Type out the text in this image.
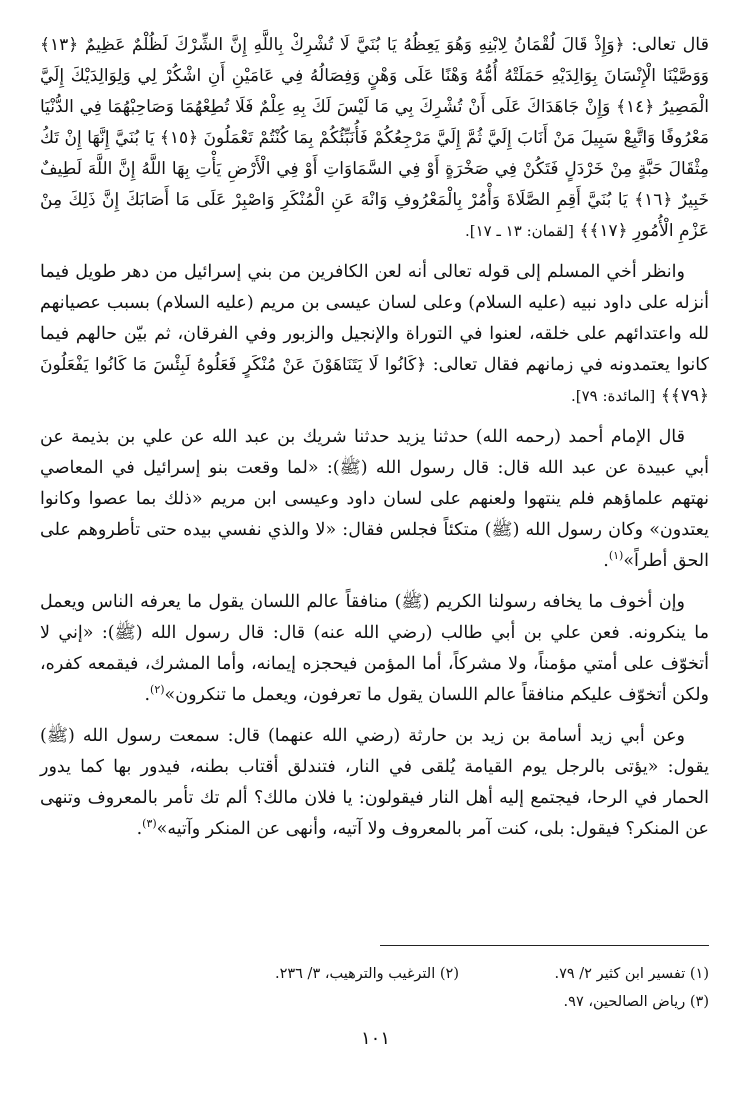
قال تعالى: ﴿وَإِذْ قَالَ لُقْمَانُ لِابْنِهِ وَهُوَ يَعِظُهُ يَا بُنَيَّ لَا تُشْرِكْ بِاللَّهِ إِنَّ الشِّرْكَ لَظُلْمٌ عَظِيمٌ ﴿١٣﴾ وَوَصَّيْنَا الْإِنْسَانَ بِوَالِدَيْهِ حَمَلَتْهُ أُمُّهُ وَهْنًا عَلَى وَهْنٍ وَفِصَالُهُ فِي عَامَيْنِ أَنِ اشْكُرْ لِي وَلِوَالِدَيْكَ إِلَيَّ الْمَصِيرُ ﴿١٤﴾ وَإِنْ جَاهَدَاكَ عَلَى أَنْ تُشْرِكَ بِي مَا لَيْسَ لَكَ بِهِ عِلْمٌ فَلَا تُطِعْهُمَا وَصَاحِبْهُمَا فِي الدُّنْيَا مَعْرُوفًا وَاتَّبِعْ سَبِيلَ مَنْ أَنَابَ إِلَيَّ ثُمَّ إِلَيَّ مَرْجِعُكُمْ فَأُنَبِّئُكُمْ بِمَا كُنْتُمْ تَعْمَلُونَ ﴿١٥﴾ يَا بُنَيَّ إِنَّهَا إِنْ تَكُ مِثْقَالَ حَبَّةٍ مِنْ خَرْدَلٍ فَتَكُنْ فِي صَخْرَةٍ أَوْ فِي السَّمَاوَاتِ أَوْ فِي الْأَرْضِ يَأْتِ بِهَا اللَّهُ إِنَّ اللَّهَ لَطِيفٌ خَبِيرٌ ﴿١٦﴾ يَا بُنَيَّ أَقِمِ الصَّلَاةَ وَأْمُرْ بِالْمَعْرُوفِ وَانْهَ عَنِ الْمُنْكَرِ وَاصْبِرْ عَلَى مَا أَصَابَكَ إِنَّ ذَلِكَ مِنْ عَزْمِ الْأُمُورِ ﴿١٧﴾﴾ [لقمان: ١٣ ـ ١٧].

وانظر أخي المسلم إلى قوله تعالى أنه لعن الكافرين من بني إسرائيل من دهر طويل فيما أنزله على داود نبيه (عليه السلام) وعلى لسان عيسى بن مريم (عليه السلام) بسبب عصيانهم لله واعتدائهم على خلقه، لعنوا في التوراة والإنجيل والزبور وفي الفرقان، ثم بيّن حالهم فيما كانوا يعتمدونه في زمانهم فقال تعالى: ﴿كَانُوا لَا يَتَنَاهَوْنَ عَنْ مُنْكَرٍ فَعَلُوهُ لَبِئْسَ مَا كَانُوا يَفْعَلُونَ ﴿٧٩﴾﴾ [المائدة: ٧٩].

قال الإمام أحمد (رحمه الله) حدثنا يزيد حدثنا شريك بن عبد الله عن علي بن بذيمة عن أبي عبيدة عن عبد الله قال: قال رسول الله (ﷺ): «لما وقعت بنو إسرائيل في المعاصي نهتهم علماؤهم فلم ينتهوا ولعنهم على لسان داود وعيسى ابن مريم «ذلك بما عصوا وكانوا يعتدون» وكان رسول الله (ﷺ) متكئاً فجلس فقال: «لا والذي نفسي بيده حتى تأطروهم على الحق أطراً»$^{(١)}$.

وإن أخوف ما يخافه رسولنا الكريم (ﷺ) منافقاً عالم اللسان يقول ما يعرفه الناس ويعمل ما ينكرونه. فعن علي بن أبي طالب (رضي الله عنه) قال: قال رسول الله (ﷺ): «إني لا أتخوّف على أمتي مؤمناً، ولا مشركاً، أما المؤمن فيحجزه إيمانه، وأما المشرك، فيقمعه كفره، ولكن أتخوّف عليكم منافقاً عالم اللسان يقول ما تعرفون، ويعمل ما تنكرون»$^{(٢)}$.

وعن أبي زيد أسامة بن زيد بن حارثة (رضي الله عنهما) قال: سمعت رسول الله (ﷺ) يقول: «يؤتى بالرجل يوم القيامة يُلقى في النار، فتندلق أقتاب بطنه، فيدور بها كما يدور الحمار في الرحا، فيجتمع إليه أهل النار فيقولون: يا فلان مالك؟ ألم تك تأمر بالمعروف وتنهى عن المنكر؟ فيقول: بلى، كنت آمر بالمعروف ولا آتيه، وأنهى عن المنكر وآتيه»$^{(٣)}$.

(١) تفسير ابن كثير ٢/ ٧٩.
(٢) الترغيب والترهيب، ٣/ ٢٣٦.
(٣) رياض الصالحين، ٩٧.
١٠١
